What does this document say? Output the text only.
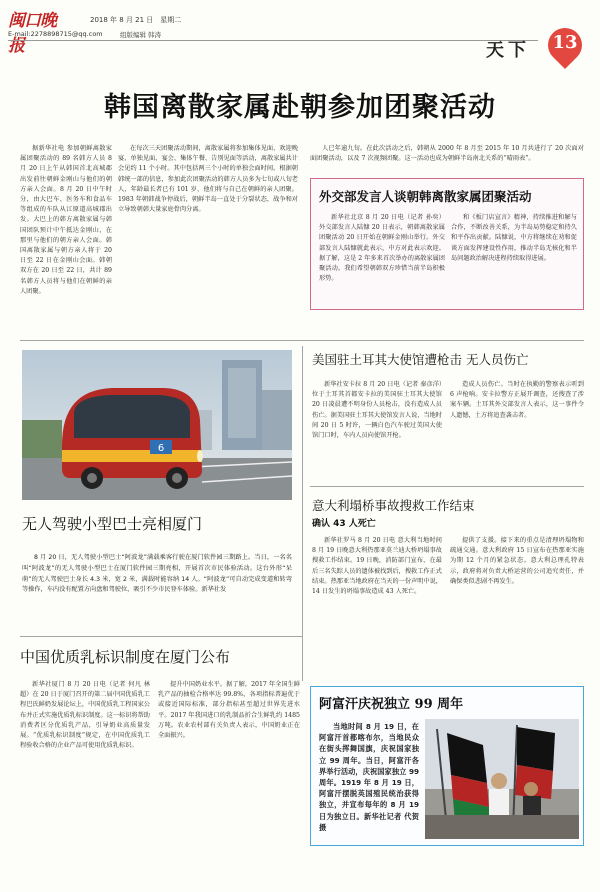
闽口晚报
2018 年 8 月 21 日　星期二
E-mail:2278898715@qq.com	组版编辑 韩涛
天下 13
韩国离散家属赴朝参加团聚活动
据新华社电 参加朝鲜离散家属团聚活动的 89 名韩方人员 8 月 20 日上午从韩国首北高城郡出发前往朝鲜金刚山与他们的朝方亲人会面。8 月 20 日中午时分，由大巴车、医务车和食品车等组成的车队从江原道高城郡出发。大巴上的韩方离散家属与韩国团队预计中午抵达金刚山，在那里与他们的朝方亲人会面。韩国离散家属与朝方亲人将于 20 日至 22 日在金刚山会面。韩朝双方在 20 日至 22 日，共计 89 名韩方人员将与他们在朝鲜的亲人团聚。
在每次三天团聚活动期间，离散家属将参加集体见面、欢迎晚宴、单独见面、宴会、集体午餐、告别见面等活动，离散家属共计会见约 11 个小时。其中包括两三个小时的单独会面时间。根据朝韩统一部的信息，参加此次团聚活动的韩方人员多为七旬或八旬老人，年龄最长者已有 101 岁，他们将与自己在朝鲜的亲人团聚。1983 年朝韩战争停战后，朝鲜半岛一直处于分裂状态，战争和对立导致朝韩大量家庭骨肉分离。
人已年逾九旬。在此次活动之后，韩朝从 2000 年 8 月至 2015 年 10 月共进行了 20 次面对面团聚活动，以及 7 次视频团聚。这一活动也成为朝鲜半岛南北关系的“晴雨表”。
外交部发言人谈朝韩离散家属团聚活动
新华社北京 8 月 20 日电（记者 孙奕）外交部发言人陆慷 20 日表示，朝韩离散家属团聚活动 20 日开始在朝鲜金刚山举行。外交部发言人陆慷就此表示，中方对此表示欢迎。据了解，这是 2 年多来首次举办的离散家属团聚活动。我们希望朝韩双方珍惜当前半岛积极形势。
和《板门店宣言》精神，持续推进和解与合作，不断改善关系，为半岛局势稳定和持久和平作出贡献。陆慷说，中方将继续在劝和促谈方面发挥建设性作用，推动半岛无核化和半岛问题政治解决进程持续取得进展。
6
无人驾驶小型巴士亮相厦门
8 月 20 日，无人驾驶小型巴士“阿波龙”满载乘客行驶在厦门软件园三期路上。当日，一名名叫“阿波龙”的无人驾驶小型巴士在厦门软件园三期亮相，开展首次市民体验活动。这台外形“呆萌”的无人驾驶巴士身长 4.3 米，宽 2 米，满载时能容纳 14 人。“阿波龙”可自动完成变道和转弯等操作，车内没有配置方向盘和驾驶位，吸引不少市民登车体验。新华社发
美国驻土耳其大使馆遭枪击 无人员伤亡
新华社安卡拉 8 月 20 日电（记者 秦彦洋）位于土耳其首都安卡拉的美国驻土耳其大使馆 20 日凌晨遭不明身份人员枪击，没有造成人员伤亡。据美国驻土耳其大使馆发言人说，当地时间 20 日 5 时许，一辆白色汽车驶过美国大使馆门口时，车内人员向使馆开枪。
造成人员伤亡。当时在执勤的警察表示听到 6 声枪响。安卡拉警方正展开调查，还搜查了涉案车辆。土耳其外交部发言人表示，这一事件令人遗憾，土方将追查袭击者。
意大利塌桥事故搜救工作结束
确认 43 人死亡
新华社罗马 8 月 20 日电 意大利当地时间 8 月 19 日晚意大利热那亚莫兰迪大桥坍塌事故搜救工作结束。19 日晚，消防部门宣布，在最后三名失踪人员的遗体被找到后，搜救工作正式结束。热那亚当地政府在当天的一份声明中说，14 日发生的坍塌事故造成 43 人死亡。
提供了支援。接下来的重点是清理坍塌物和疏通交通。意大利政府 15 日宣布在热那亚实施为期 12 个月的紧急状态。意大利总理孔特表示，政府将对负责大桥运营的公司追究责任，并确保类似悲剧不再发生。
中国优质乳标识制度在厦门公布
新华社厦门 8 月 20 日电（记者 何凡 林超）在 20 日于厦门召开的第二届中国优质乳工程巴氏鲜奶发展论坛上，中国优质乳工程国家公布并正式实施优质乳标识制度。这一标识将帮助消费者区分优质乳产品，引导奶业高质量发展。“优质乳标识制度”规定，在中国优质乳工程验收合格的企业产品可使用优质乳标识。
提升中国奶业水平。据了解，2017 年全国生鲜乳产品的抽检合格率达 99.8%，各项指标普遍优于或接近国际标准，部分指标甚至超过世界先进水平。2017 年我国进口的乳制品折合生鲜乳约 1485 万吨。农业农村部有关负责人表示，中国奶业正在全面振兴。
阿富汗庆祝独立 99 周年
当地时间 8 月 19 日，在阿富汗首都喀布尔，当地民众在街头挥舞国旗，庆祝国家独立 99 周年。当日，阿富汗各界举行活动，庆祝国家独立 99 周年。1919 年 8 月 19 日，阿富汗摆脱英国殖民统治获得独立，并宣布每年的 8 月 19 日为独立日。新华社记者 代贺 摄
